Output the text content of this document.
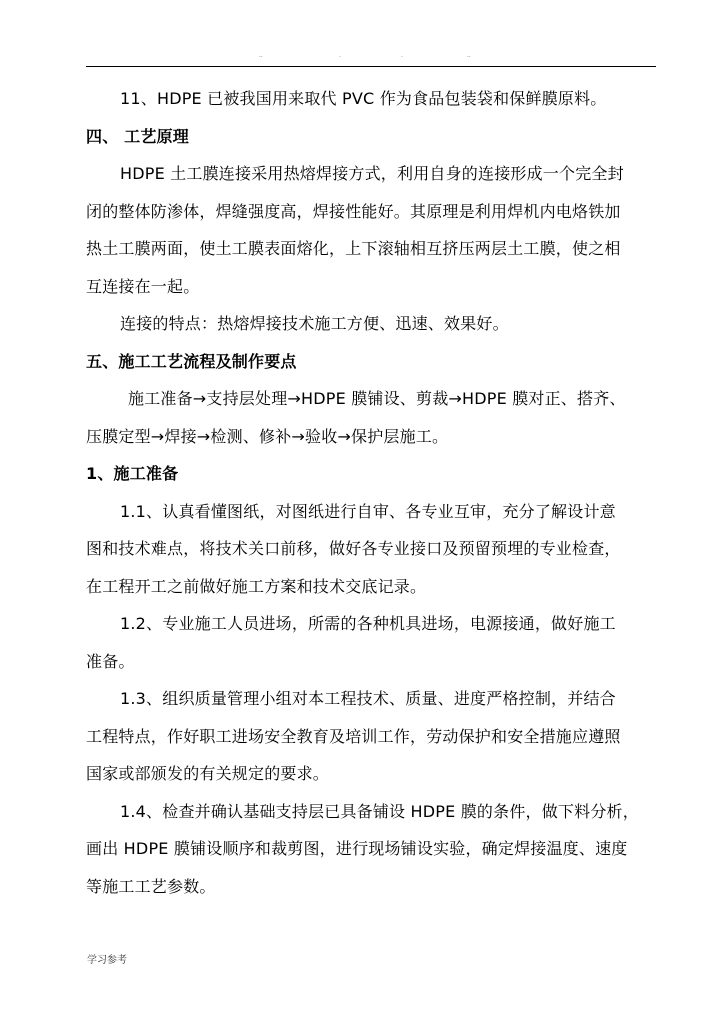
..	.	.	..

11、HDPE 已被我国用来取代 PVC 作为食品包装袋和保鲜膜原料。

四、 工艺原理

HDPE 土工膜连接采用热熔焊接方式，利用自身的连接形成一个完全封

闭的整体防渗体，焊缝强度高，焊接性能好。其原理是利用焊机内电烙铁加

热土工膜两面，使土工膜表面熔化，上下滚轴相互挤压两层土工膜，使之相

互连接在一起。

连接的特点：热熔焊接技术施工方便、迅速、效果好。

五、施工工艺流程及制作要点

施工准备→支持层处理→HDPE 膜铺设、剪裁→HDPE 膜对正、搭齐、

压膜定型→焊接→检测、修补→验收→保护层施工。

1、施工准备

1.1、认真看懂图纸，对图纸进行自审、各专业互审，充分了解设计意

图和技术难点，将技术关口前移，做好各专业接口及预留预埋的专业检查，

在工程开工之前做好施工方案和技术交底记录。

1.2、专业施工人员进场，所需的各种机具进场，电源接通，做好施工

准备。

1.3、组织质量管理小组对本工程技术、质量、进度严格控制，并结合

工程特点，作好职工进场安全教育及培训工作，劳动保护和安全措施应遵照

国家或部颁发的有关规定的要求。

1.4、检查并确认基础支持层已具备铺设 HDPE 膜的条件，做下料分析，

画出 HDPE 膜铺设顺序和裁剪图，进行现场铺设实验，确定焊接温度、速度

等施工工艺参数。

学习参考
